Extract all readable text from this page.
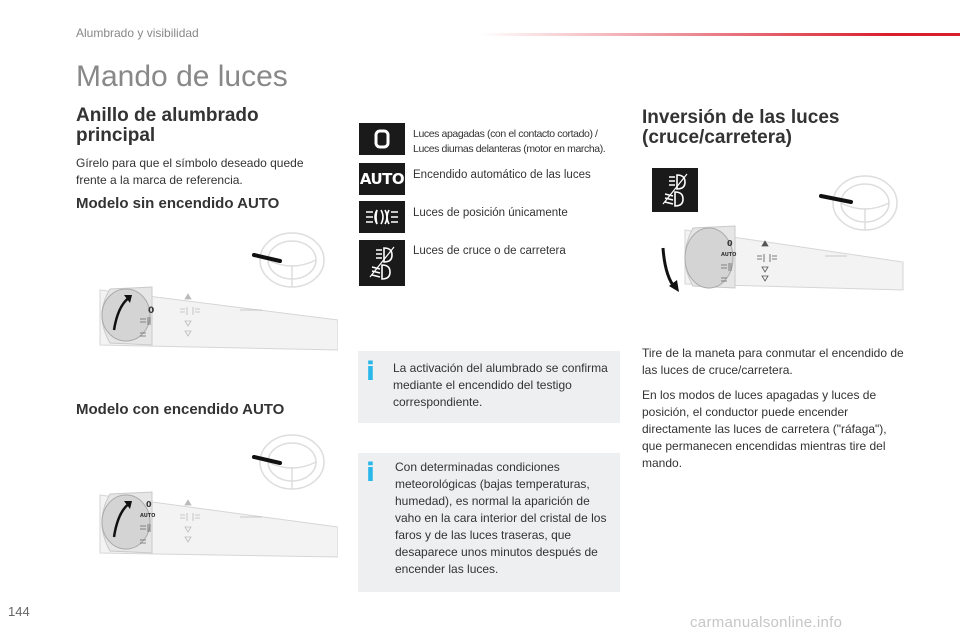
Alumbrado y visibilidad
Mando de luces
Anillo de alumbrado principal
Gírelo para que el símbolo deseado quede frente a la marca de referencia.
Modelo sin encendido AUTO
0
Modelo con encendido AUTO
0
AUTO
Luces apagadas (con el contacto cortado) / Luces diurnas delanteras (motor en marcha).
AUTO Encendido automático de las luces
Luces de posición únicamente
Luces de cruce o de carretera
i La activación del alumbrado se confirma mediante el encendido del testigo correspondiente.
i Con determinadas condiciones meteorológicas (bajas temperaturas, humedad), es normal la aparición de vaho en la cara interior del cristal de los faros y de las luces traseras, que desaparece unos minutos después de encender las luces.
Inversión de las luces (cruce/carretera)
0
AUTO
Tire de la maneta para conmutar el encendido de las luces de cruce/carretera.
En los modos de luces apagadas y luces de posición, el conductor puede encender directamente las luces de carretera ("ráfaga"), que permanecen encendidas mientras tire del mando.
144
carmanualsonline.info
